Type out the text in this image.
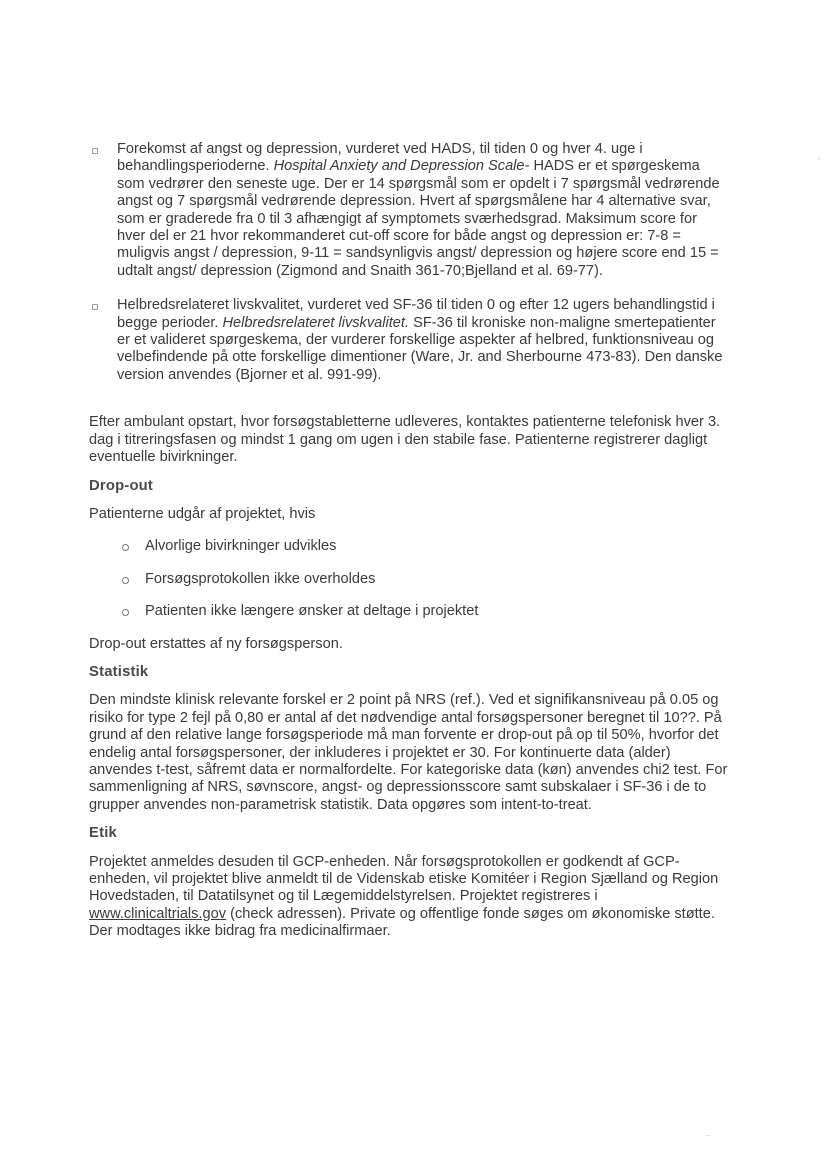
Forekomst af angst og depression, vurderet ved HADS, til tiden 0 og hver 4. uge i behandlingsperioderne. Hospital Anxiety and Depression Scale- HADS er et spørgeskema som vedrører den seneste uge. Der er 14 spørgsmål som er opdelt i 7 spørgsmål vedrørende angst og 7 spørgsmål vedrørende depression. Hvert af spørgsmålene har 4 alternative svar, som er graderede fra 0 til 3 afhængigt af symptomets sværhedsgrad. Maksimum score for hver del er 21 hvor rekommanderet cut-off score for både angst og depression er: 7-8 = muligvis angst / depression, 9-11 = sandsynligvis angst/ depression og højere score end 15 = udtalt angst/ depression (Zigmond and Snaith 361-70;Bjelland et al. 69-77).

Helbredsrelateret livskvalitet, vurderet ved SF-36 til tiden 0 og efter 12 ugers behandlingstid i begge perioder. Helbredsrelateret livskvalitet. SF-36 til kroniske non-maligne smertepatienter er et valideret spørgeskema, der vurderer forskellige aspekter af helbred, funktionsniveau og velbefindende på otte forskellige dimentioner (Ware, Jr. and Sherbourne 473-83). Den danske version anvendes (Bjorner et al. 991-99).

Efter ambulant opstart, hvor forsøgstabletterne udleveres, kontaktes patienterne telefonisk hver 3. dag i titreringsfasen og mindst 1 gang om ugen i den stabile fase. Patienterne registrerer dagligt eventuelle bivirkninger.

Drop-out

Patienterne udgår af projektet, hvis

Alvorlige bivirkninger udvikles
Forsøgsprotokollen ikke overholdes
Patienten ikke længere ønsker at deltage i projektet

Drop-out erstattes af ny forsøgsperson.

Statistik

Den mindste klinisk relevante forskel er 2 point på NRS (ref.). Ved et signifikansniveau på 0.05 og risiko for type 2 fejl på 0,80 er antal af det nødvendige antal forsøgspersoner beregnet til 10??. På grund af den relative lange forsøgsperiode må man forvente er drop-out på op til 50%, hvorfor det endelig antal forsøgspersoner, der inkluderes i projektet er 30. For kontinuerte data (alder) anvendes t-test, såfremt data er normalfordelte. For kategoriske data (køn) anvendes chi2 test. For sammenligning af NRS, søvnscore, angst- og depressionsscore samt subskalaer i SF-36 i de to grupper anvendes non-parametrisk statistik. Data opgøres som intent-to-treat.

Etik

Projektet anmeldes desuden til GCP-enheden. Når forsøgsprotokollen er godkendt af GCP-enheden, vil projektet blive anmeldt til de Videnskab etiske Komitéer i Region Sjælland og Region Hovedstaden, til Datatilsynet og til Lægemiddelstyrelsen. Projektet registreres i www.clinicaltrials.gov (check adressen). Private og offentlige fonde søges om økonomiske støtte. Der modtages ikke bidrag fra medicinalfirmaer.

'
··
